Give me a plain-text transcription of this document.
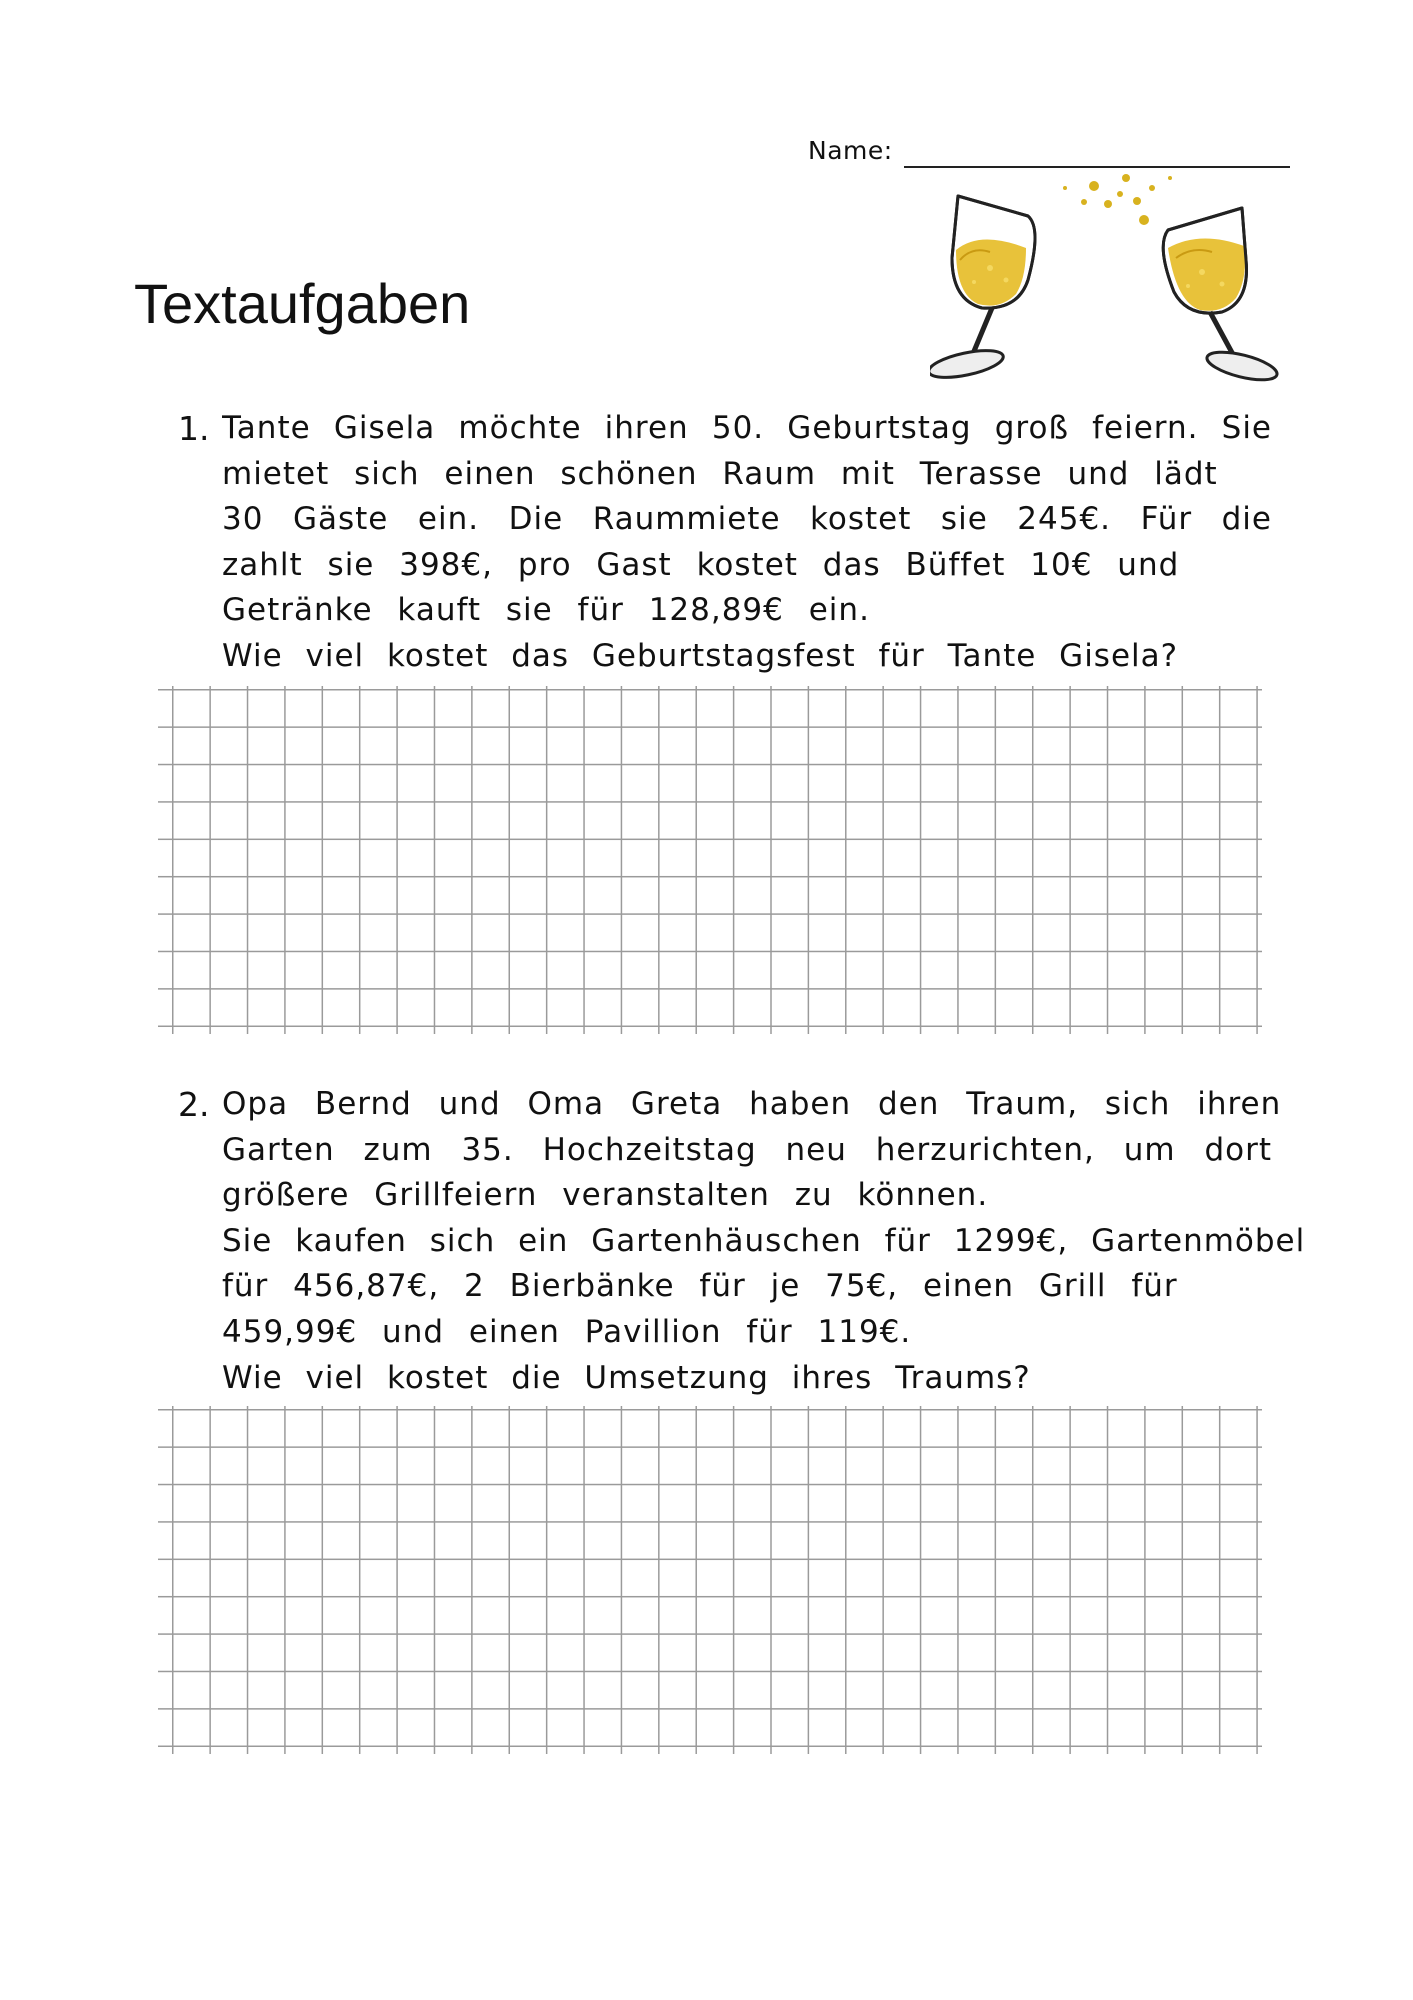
Name:
Textaufgaben
1. Tante Gisela möchte ihren 50. Geburtstag groß feiern. Sie
mietet sich einen schönen Raum mit Terasse und lädt
30 Gäste ein. Die Raummiete kostet sie 245€. Für die
zahlt sie 398€, pro Gast kostet das Büffet 10€ und
Getränke kauft sie für 128,89€ ein.
Wie viel kostet das Geburtstagsfest für Tante Gisela?
2. Opa Bernd und Oma Greta haben den Traum, sich ihren
Garten zum 35. Hochzeitstag neu herzurichten, um dort
größere Grillfeiern veranstalten zu können.
Sie kaufen sich ein Gartenhäuschen für 1299€, Gartenmöbel
für 456,87€, 2 Bierbänke für je 75€, einen Grill für
459,99€ und einen Pavillion für 119€.
Wie viel kostet die Umsetzung ihres Traums?
